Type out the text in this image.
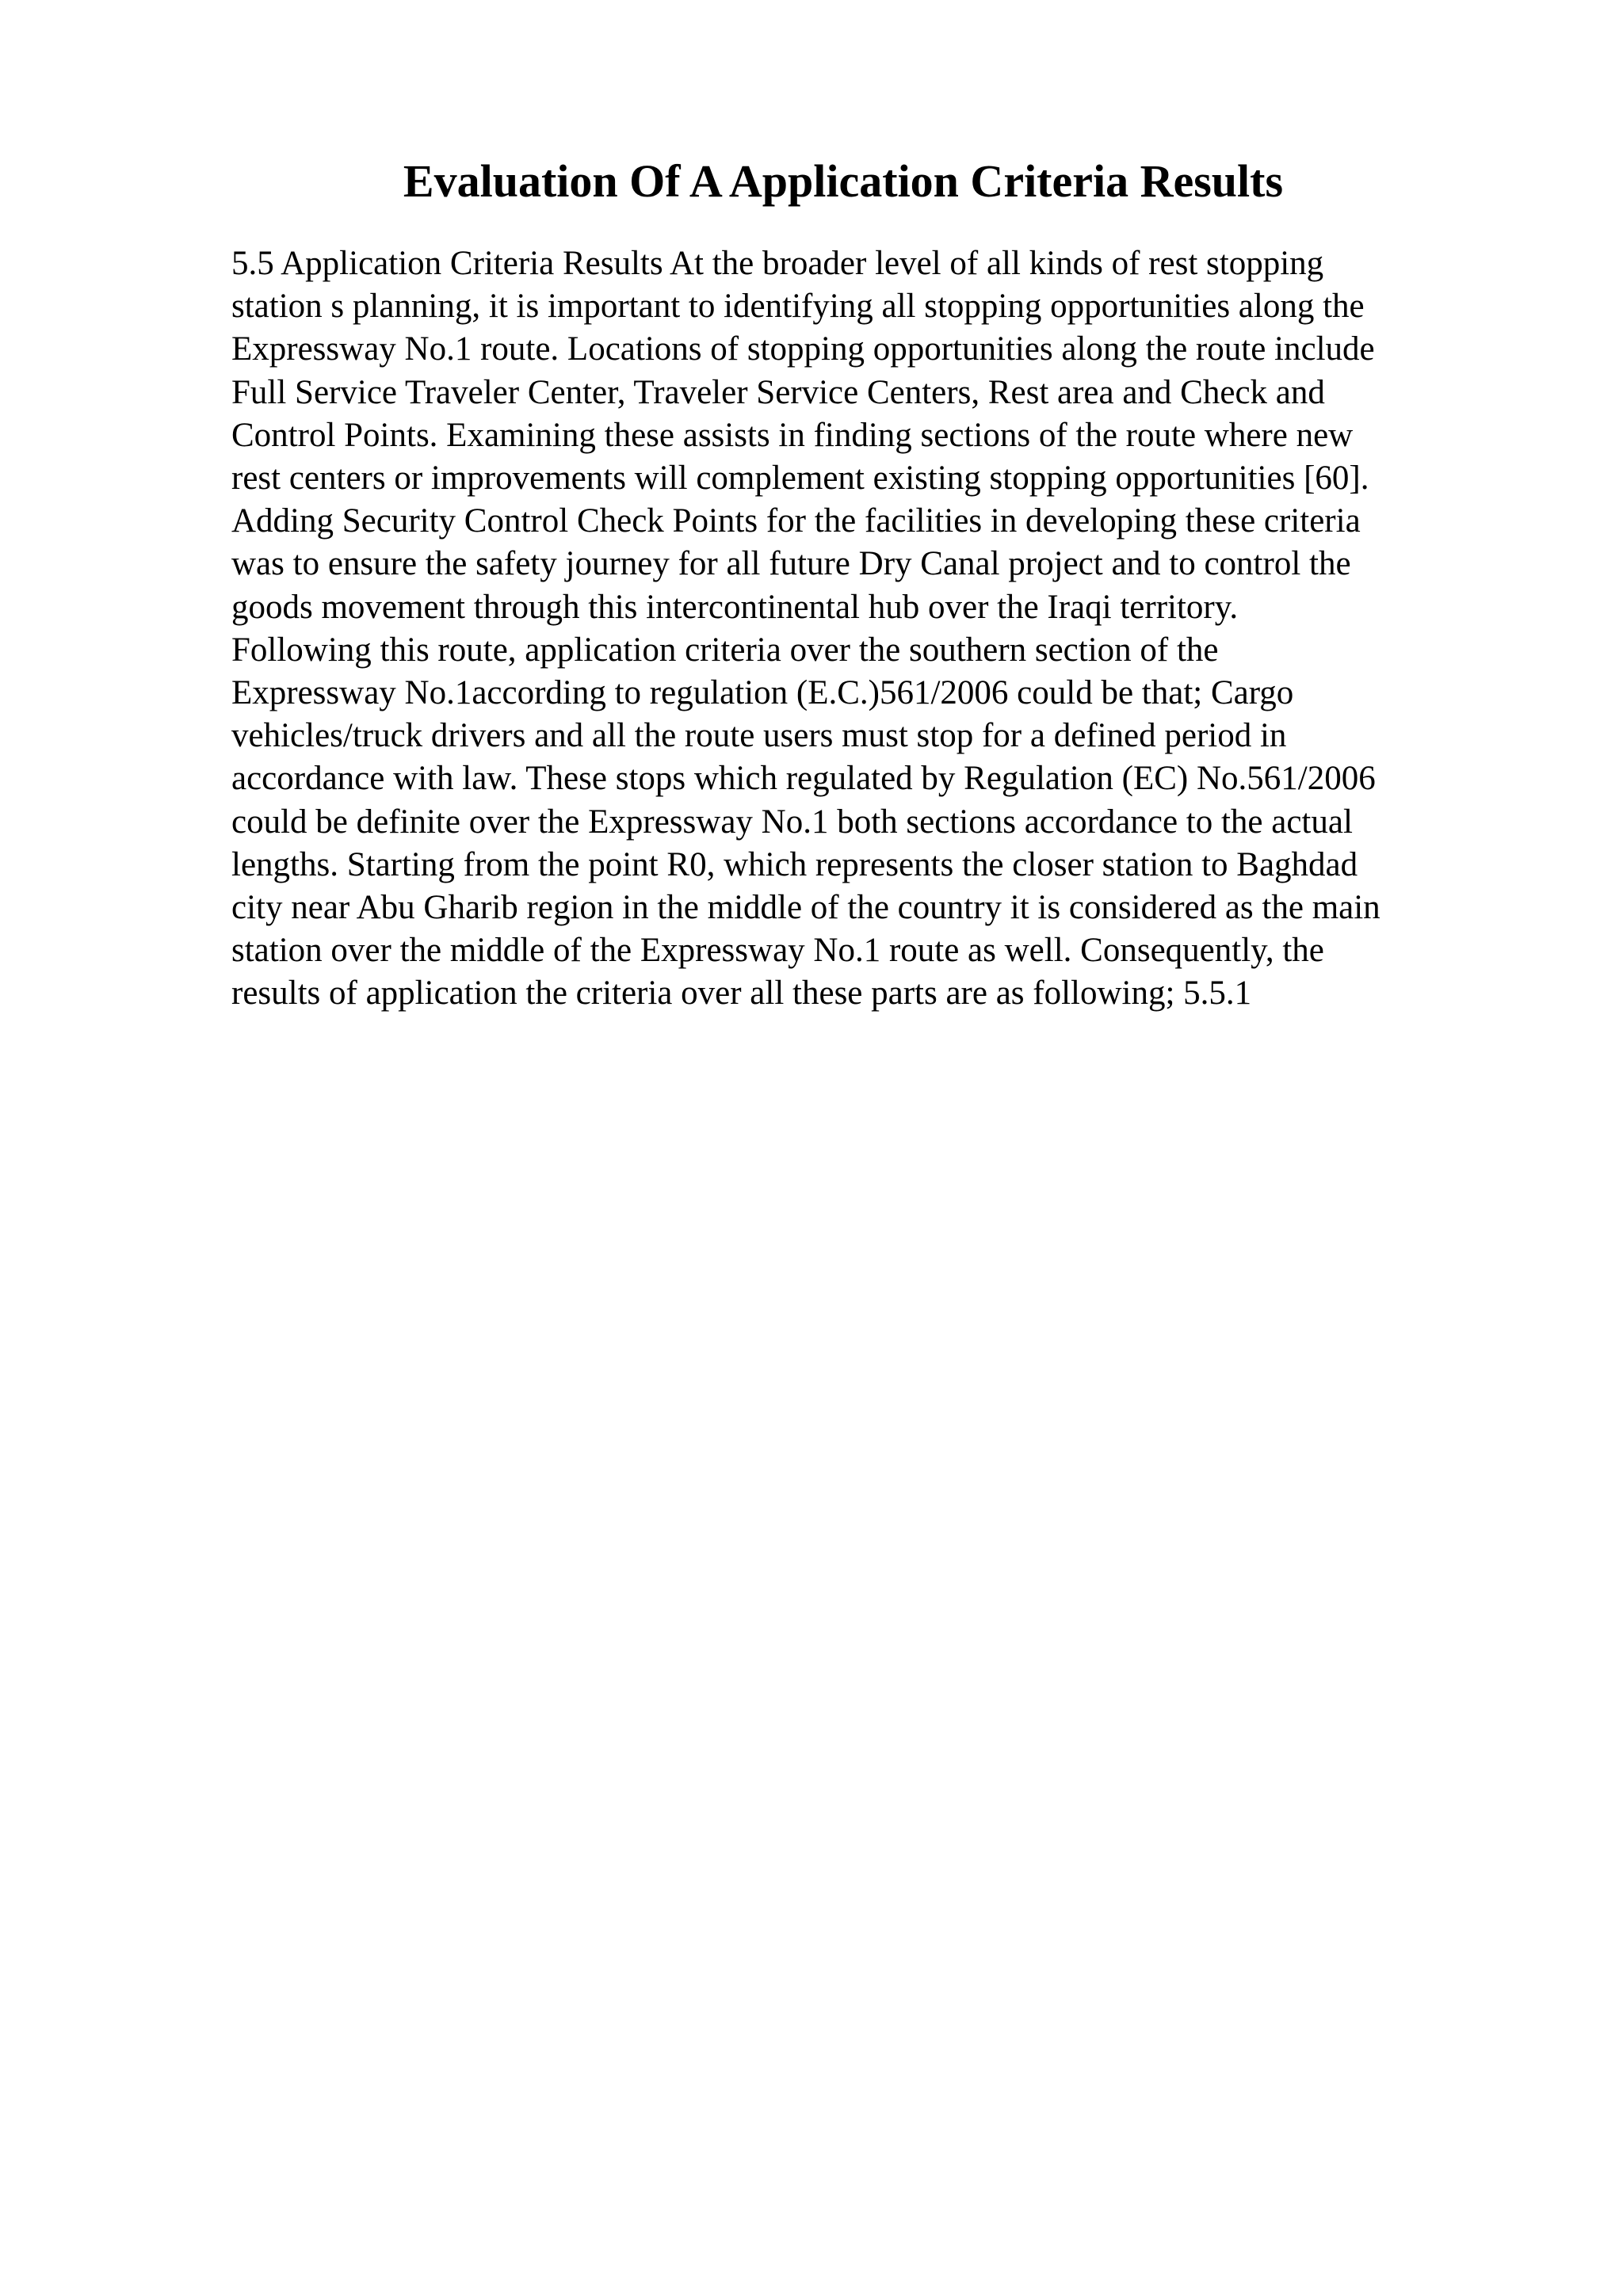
Evaluation Of A Application Criteria Results
5.5 Application Criteria Results At the broader level of all kinds of rest stopping
station s planning, it is important to identifying all stopping opportunities along the
Expressway No.1 route. Locations of stopping opportunities along the route include
Full Service Traveler Center, Traveler Service Centers, Rest area and Check and
Control Points. Examining these assists in finding sections of the route where new
rest centers or improvements will complement existing stopping opportunities [60].
Adding Security Control Check Points for the facilities in developing these criteria
was to ensure the safety journey for all future Dry Canal project and to control the
goods movement through this intercontinental hub over the Iraqi territory.
Following this route, application criteria over the southern section of the
Expressway No.1according to regulation (E.C.)561/2006 could be that; Cargo
vehicles/truck drivers and all the route users must stop for a defined period in
accordance with law. These stops which regulated by Regulation (EC) No.561/2006
could be definite over the Expressway No.1 both sections accordance to the actual
lengths. Starting from the point R0, which represents the closer station to Baghdad
city near Abu Gharib region in the middle of the country it is considered as the main
station over the middle of the Expressway No.1 route as well. Consequently, the
results of application the criteria over all these parts are as following; 5.5.1
